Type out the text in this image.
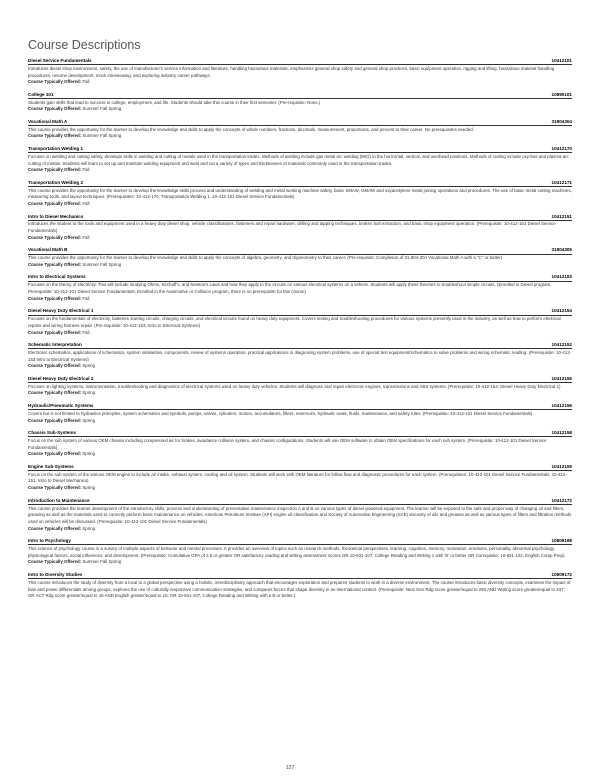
Course Descriptions
Diesel Service Fundamentals	10412101
Introduces diesel shop environment, safety, the use of manufacturer's service information and literature, handling hazardous materials, emphasizes general shop safety and general shop practices, basic equipment operation, rigging and lifting, hazardous material handling procedures, resume development, mock interviewing, and exploring industry career pathways.
Course Typically Offered: Fall
College 101	10890101
Students gain skills that lead to success in college, employment, and life. Students should take this course in their first semester. (Pre-requisite: None.)
Course Typically Offered: Summer Fall Spring
Vocational Math A	31804304
This course provides the opportunity for the learner to develop the knowledge and skills to apply the concepts of whole numbers, fractions, decimals, measurement, proportions, and percent to their career. No prerequisites needed.
Course Typically Offered: Summer Fall Spring
Transportation Welding 1	10412170
Focuses on welding and cutting safety, develops skills in welding and cutting of metals used in the transportation trades. Methods of welding include gas metal arc welding (MIG) in the horizontal, vertical, and overhead positions. Methods of cutting include oxy-fuel and plasma arc cutting of metals. Students will learn to set up and maintain welding equipment and weld and cut a variety of types and thicknesses of materials commonly used in the transportation trades.
Course Typically Offered: Fall
Transportation Welding 2	10412171
This course provides the opportunity for the learner to develop the knowledge skills process and understanding of welding and metal working machine safety, basic SMAW, GMAW and oxyacetylene metal joining operations and procedures. The use of basic metal cutting machines, measuring tools, and layout techniques. (Prerequisites: 10-412-170, Transportation Welding 1, 10-412-101 Diesel Service Fundamentals)
Course Typically Offered: Fall
Intro to Diesel Mechanics	10412151
Introduces the student to the tools and equipment used in a heavy duty diesel shop, vehicle classifications, fasteners and repair hardware, drilling and tapping techniques, broken bolt extraction, and basic shop equipment operation. (Prerequisite: 10-412-101 Diesel Service Fundamentals)
Course Typically Offered: Fall
Vocational Math B	31804305
This course provides the opportunity for the learner to develop the knowledge and skills to apply the concepts of algebra, geometry, and trigonometry to their career. (Pre-requisite: Completion of 31-804-304 Vocational Math A with a "C" or better)
Course Typically Offered: Summer Fall Spring
Intro to Electrical Systems	10412153
Focuses on the theory of electricity. This will include studying Ohms, Kirchoff's, and Newton's Laws and how they apply to the circuits on various electrical systems on a vehicle. Students will apply these theories to troubleshoot simple circuits. (Enrolled in Diesel program, Prerequisite: 10-412-101 Diesel Service Fundamentals; Enrolled in the Automotive or Collision program, there is no prerequisite for this course)
Course Typically Offered: Fall
Diesel Heavy Duty Electrical 1	10412154
Focuses on the fundamentals of electricity, batteries starting circuits, charging circuits, and electrical circuits found on heavy duty equipment. Covers testing and troubleshooting procedures for various systems presently used in the industry, as well as how to perform electrical repairs and wiring harness repair. (Pre-requisite: 10-412-153, Intro to Electrical Systems)
Course Typically Offered: Fall
Schematic Interpretation	10412152
Electronic schematics, applications of schematics, system similarities, components, review of systems operation, practical applications in diagnosing system problems, use of special test equipment/schematics to solve problems and wiring schematic reading. (Prerequisite: 10-412-153 Intro to Electrical Systems)
Course Typically Offered: Spring
Diesel Heavy Duty Electrical 2	10412155
Focuses on lighting systems, instrumentation, troubleshooting and diagnostics of electrical systems used on heavy duty vehicles. Students will diagnose and repair electronic engines, transmissions and ABS systems. (Prerequisite: 10-412-154, Diesel Heavy Duty Electrical 1)
Course Typically Offered: Spring
Hydraulic/Pneumatic Systems	10412156
Covers but is not limited to hydraulics principles, system schematics and symbols, pumps, valves, cylinders, motors, accumulators, filters, reservoirs, hydraulic seals, fluids, maintenance, and safety rules. (Prerequisite: 10-412-101 Diesel Service Fundamentals)
Course Typically Offered: Spring
Chassis Sub-Systems	10412158
Focus on the sub system of various OEM chassis including compressed air for brakes, avoidance collision system, and chassis configurations. Students will use OEM software to obtain OEM specifications for each sub system. (Prerequisite: 10-412-101 Diesel Service Fundamentals)
Course Typically Offered: Spring
Engine Sub-Systems	10412159
Focus on the sub system of the various OEM engine to include air intake, exhaust system, cooling and oil system. Students will work with OEM literature for follow flow and diagnostic procedures for each system. (Prerequisites: 10-412-101 Diesel Service Fundamentals, 10-412-151, Intro to Diesel Mechanics)
Course Typically Offered: Spring
Introduction to Maintenance	10412172
This course provides the learner development of the introductory skills, process and understanding of preventative maintenance inspection A and B on various types of diesel-powered equipment. The learner will be exposed to the safe and proper way of changing oil and filters, greasing as well as the materials used to correctly perform basic maintenance on vehicles. American Petroleum Institute (API) engine oil classification and Society of Automotive Engineering (SAE) viscosity of oils and greases as well as various types of filters and filtration methods used on vehicles will be discussed. (Prerequisite: 10-412-101 Diesel Service Fundamentals)
Course Typically Offered: Spring
Intro to Psychology	10809198
This science of psychology course is a survey of multiple aspects of behavior and mental processes. It provides an overview of topics such as research methods, theoretical perspectives, learning, cognition, memory, motivation, emotions, personality, abnormal psychology, physiological factors, social influences, and development. (Prerequisite: Cumulative GPA of 2.6 or greater OR satisfactory reading and writing assessment scores OR 10-831-107, College Reading and Writing 1 with 'B' or better OR Corequisite: 10-831-102, English Comp Prep).
Course Typically Offered: Summer Fall Spring
Intro to Diversity Studies	10809172
This course introduces the study of diversity from a local to a global perspective using a holistic, interdisciplinary approach that encourages exploration and prepares students to work in a diverse environment. The course introduces basic diversity concepts, examines the impact of bias and power differentials among groups, explores the use of culturally responsive communication strategies, and compares forces that shape diversity in an international context. (Prerequisite: Next Gen Rdg score greater/equal to 250 AND Writing score greater/equal to 237; OR ACT Rdg score greater/equal to 16 AND English greater/equal to 15; OR 10-831-107, College Reading and Writing with a B or better.)
127
